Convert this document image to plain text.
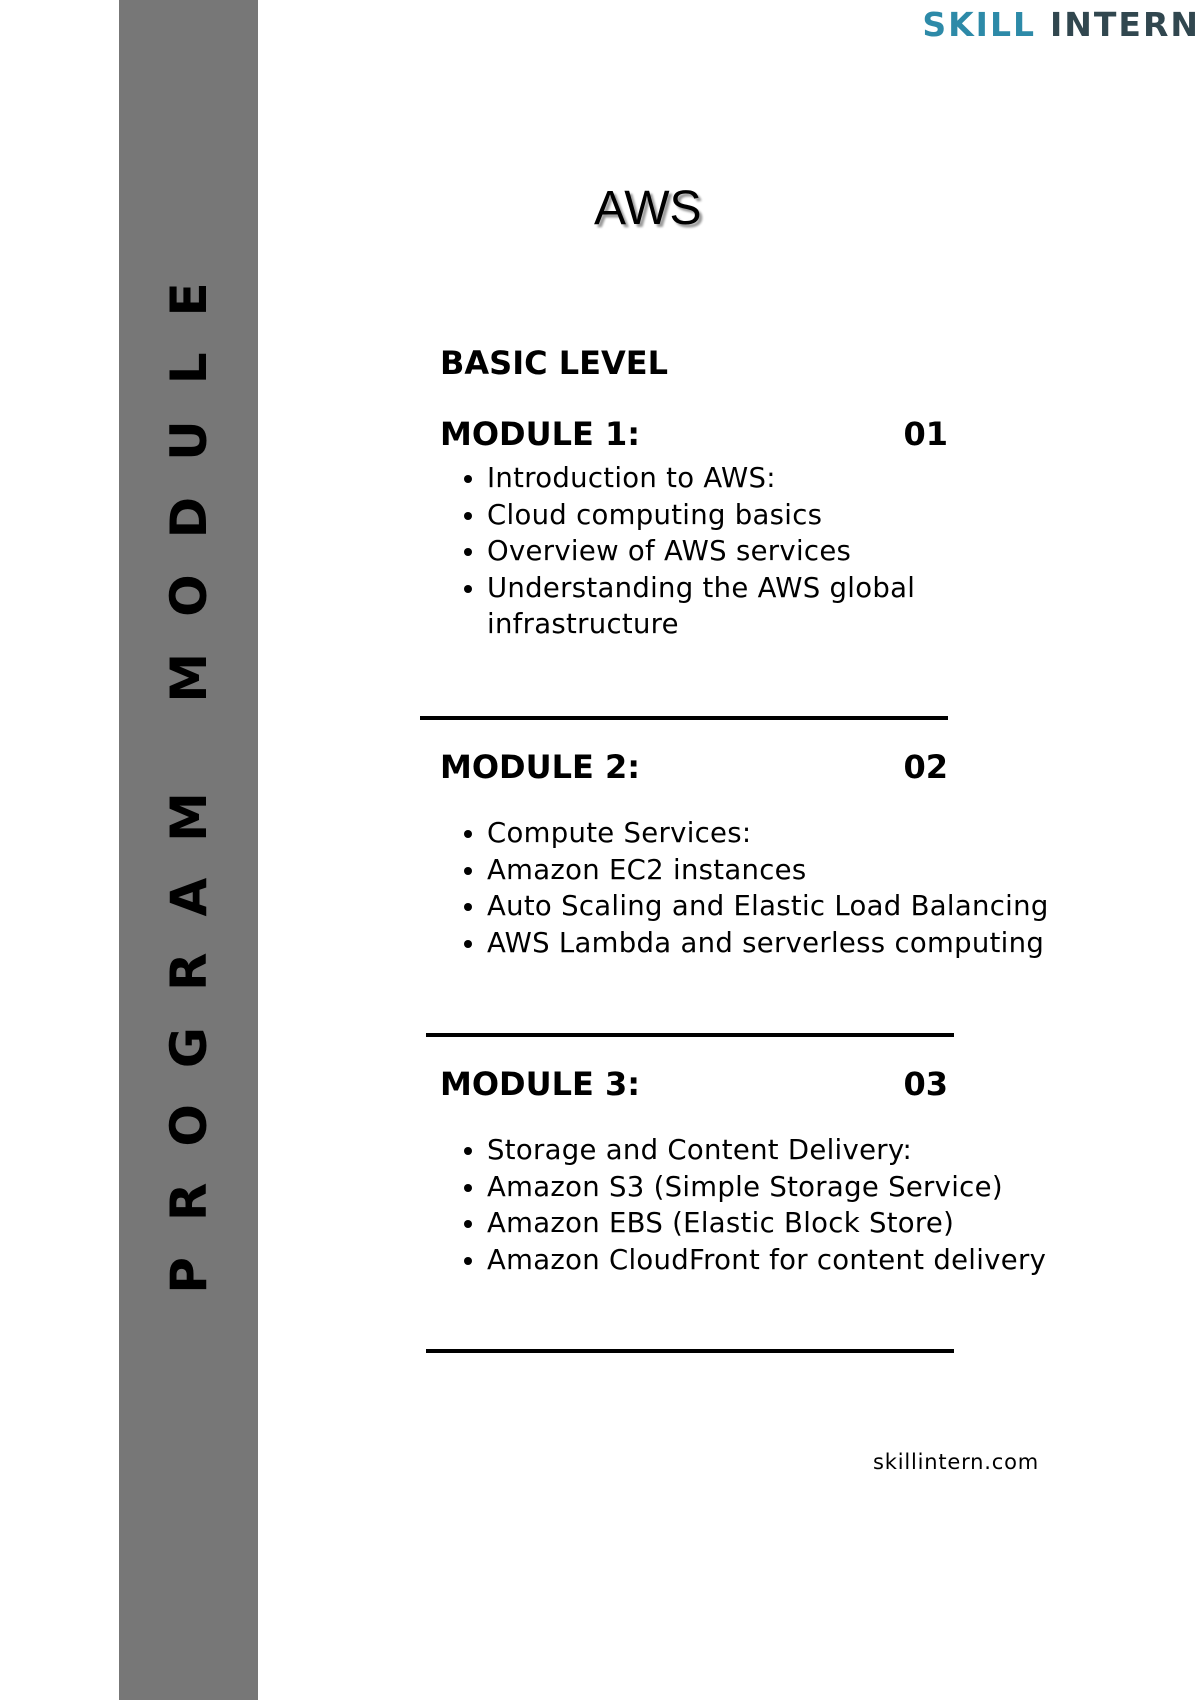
PROGRAM MODULE
SKILL INTERN
AWS
BASIC LEVEL
MODULE 1:	01
• Introduction to AWS:
• Cloud computing basics
• Overview of AWS services
• Understanding the AWS global infrastructure
MODULE 2:	02
• Compute Services:
• Amazon EC2 instances
• Auto Scaling and Elastic Load Balancing
• AWS Lambda and serverless computing
MODULE 3:	03
• Storage and Content Delivery:
• Amazon S3 (Simple Storage Service)
• Amazon EBS (Elastic Block Store)
• Amazon CloudFront for content delivery
skillintern.com
